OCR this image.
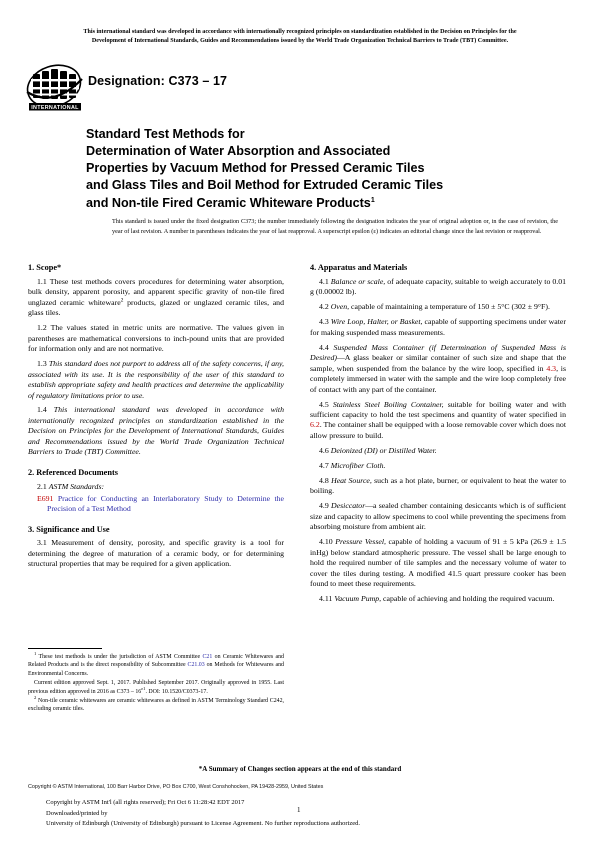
This international standard was developed in accordance with internationally recognized principles on standardization established in the Decision on Principles for the
Development of International Standards, Guides and Recommendations issued by the World Trade Organization Technical Barriers to Trade (TBT) Committee.
INTERNATIONAL
Designation: C373 – 17
Standard Test Methods for
Determination of Water Absorption and Associated
Properties by Vacuum Method for Pressed Ceramic Tiles
and Glass Tiles and Boil Method for Extruded Ceramic Tiles
and Non-tile Fired Ceramic Whiteware Products$^1$
This standard is issued under the fixed designation C373; the number immediately following the designation indicates the year of original adoption or, in the case of revision, the year of last revision. A number in parentheses indicates the year of last reapproval. A superscript epsilon (ε) indicates an editorial change since the last revision or reapproval.
1. Scope*

1.1 These test methods covers procedures for determining water absorption, bulk density, apparent porosity, and apparent specific gravity of non-tile fired unglazed ceramic whiteware$^2$ products, glazed or unglazed ceramic tiles, and glass tiles.

1.2 The values stated in metric units are normative. The values given in parentheses are mathematical conversions to inch-pound units that are provided for information only and are not normative.

1.3 This standard does not purport to address all of the safety concerns, if any, associated with its use. It is the responsibility of the user of this standard to establish appropriate safety and health practices and determine the applicability of regulatory limitations prior to use.

1.4 This international standard was developed in accordance with internationally recognized principles on standardization established in the Decision on Principles for the Development of International Standards, Guides and Recommendations issued by the World Trade Organization Technical Barriers to Trade (TBT) Committee.

2. Referenced Documents

2.1 ASTM Standards:

E691 Practice for Conducting an Interlaboratory Study to Determine the Precision of a Test Method

3. Significance and Use

3.1 Measurement of density, porosity, and specific gravity is a tool for determining the degree of maturation of a ceramic body, or for determining structural properties that may be required for a given application.

$^1$ These test methods is under the jurisdiction of ASTM Committee C21 on Ceramic Whitewares and Related Products and is the direct responsibility of Subcommittee C21.03 on Methods for Whitewares and Environmental Concerns.

Current edition approved Sept. 1, 2017. Published September 2017. Originally approved in 1955. Last previous edition approved in 2016 as $C373 - 16^{\varepsilon 1}$. DOI: 10.1520/C0373-17.

$^2$ Non-tile ceramic whitewares are ceramic whitewares as defined in ASTM Terminology Standard C242, excluding ceramic tiles.

4. Apparatus and Materials

4.1 Balance or scale, of adequate capacity, suitable to weigh accurately to 0.01 g (0.00002 lb).

4.2 Oven, capable of maintaining a temperature of 150 ± 5°C (302 ± 9°F).

4.3 Wire Loop, Halter, or Basket, capable of supporting specimens under water for making suspended mass measurements.

4.4 Suspended Mass Container (if Determination of Suspended Mass is Desired)—A glass beaker or similar container of such size and shape that the sample, when suspended from the balance by the wire loop, specified in 4.3, is completely immersed in water with the sample and the wire loop completely free of contact with any part of the container.

4.5 Stainless Steel Boiling Container, suitable for boiling water and with sufficient capacity to hold the test specimens and quantity of water specified in 6.2. The container shall be equipped with a loose removable cover which does not allow pressure to build.

4.6 Deionized (DI) or Distilled Water.

4.7 Microfiber Cloth.

4.8 Heat Source, such as a hot plate, burner, or equivalent to heat the water to boiling.

4.9 Desiccator—a sealed chamber containing desiccants which is of sufficient size and capacity to allow specimens to cool while preventing the specimens from absorbing moisture from ambient air.

4.10 Pressure Vessel, capable of holding a vacuum of 91 ± 5 kPa (26.9 ± 1.5 inHg) below standard atmospheric pressure. The vessel shall be large enough to hold the required number of tile samples and the necessary volume of water to cover the tiles during testing. A modified 41.5 quart pressure cooker has been found to meet these requirements.

4.11 Vacuum Pump, capable of achieving and holding the required vacuum.

*A Summary of Changes section appears at the end of this standard
Copyright © ASTM International, 100 Barr Harbor Drive, PO Box C700, West Conshohocken, PA 19428-2959, United States
Copyright by ASTM Int'l (all rights reserved); Fri Oct 6 11:28:42 EDT 2017
Downloaded/printed by
University of Edinburgh (University of Edinburgh) pursuant to License Agreement. No further reproductions authorized.
1
